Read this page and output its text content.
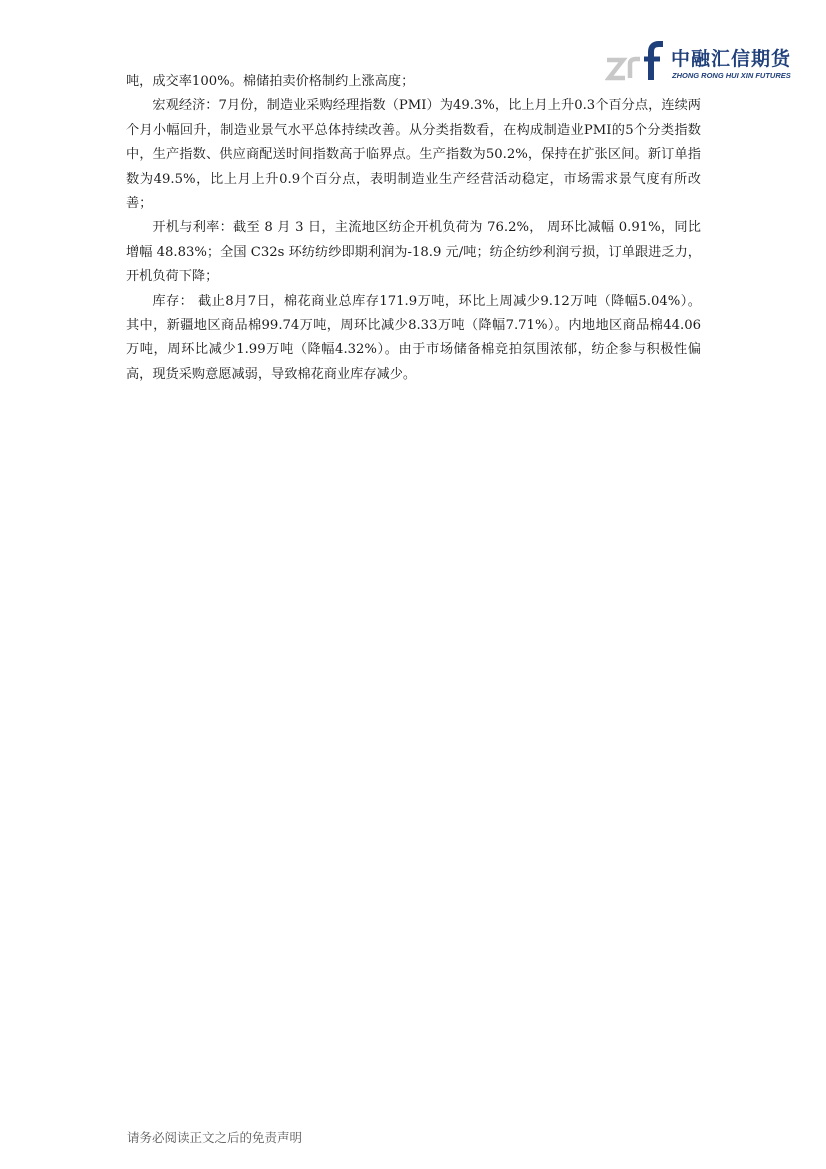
中融汇信期货
ZHONG RONG HUI XIN FUTURES

吨，成交率100%。棉储拍卖价格制约上涨高度；

宏观经济：7月份，制造业采购经理指数（PMI）为49.3%，比上月上升0.3个百分点，连续两个月小幅回升，制造业景气水平总体持续改善。从分类指数看，在构成制造业PMI的5个分类指数中，生产指数、供应商配送时间指数高于临界点。生产指数为50.2%，保持在扩张区间。新订单指数为49.5%，比上月上升0.9个百分点，表明制造业生产经营活动稳定，市场需求景气度有所改善；

开机与利率：截至 8 月 3 日，主流地区纺企开机负荷为 76.2%， 周环比减幅 0.91%，同比增幅 48.83%；全国 C32s 环纺纺纱即期利润为-18.9 元/吨；纺企纺纱利润亏损，订单跟进乏力，开机负荷下降；

库存： 截止8月7日，棉花商业总库存171.9万吨，环比上周减少9.12万吨（降幅5.04%）。 其中，新疆地区商品棉99.74万吨，周环比减少8.33万吨（降幅7.71%）。内地地区商品棉44.06万吨，周环比减少1.99万吨（降幅4.32%）。由于市场储备棉竞拍氛围浓郁，纺企参与积极性偏高，现货采购意愿减弱，导致棉花商业库存减少。

请务必阅读正文之后的免责声明
